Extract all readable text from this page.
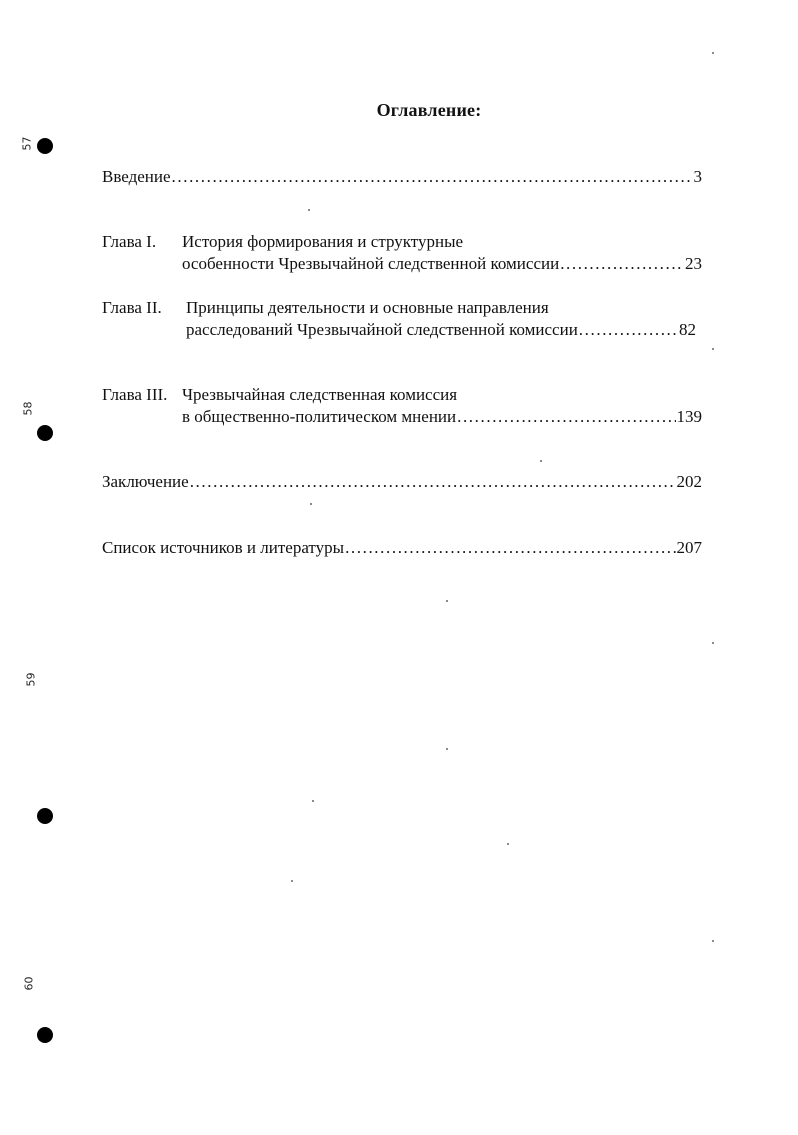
Оглавление:
Введение .....	3
Глава I.	История формирования и структурные
особенности Чрезвычайной следственной комиссии .....	23
Глава II.	Принципы деятельности и основные направления
расследований Чрезвычайной следственной комиссии .....	82
Глава III. Чрезвычайная следственная комиссия
в общественно-политическом мнении .....	139
Заключение .....	202
Список источников и литературы .....	207
57
58
59
60
